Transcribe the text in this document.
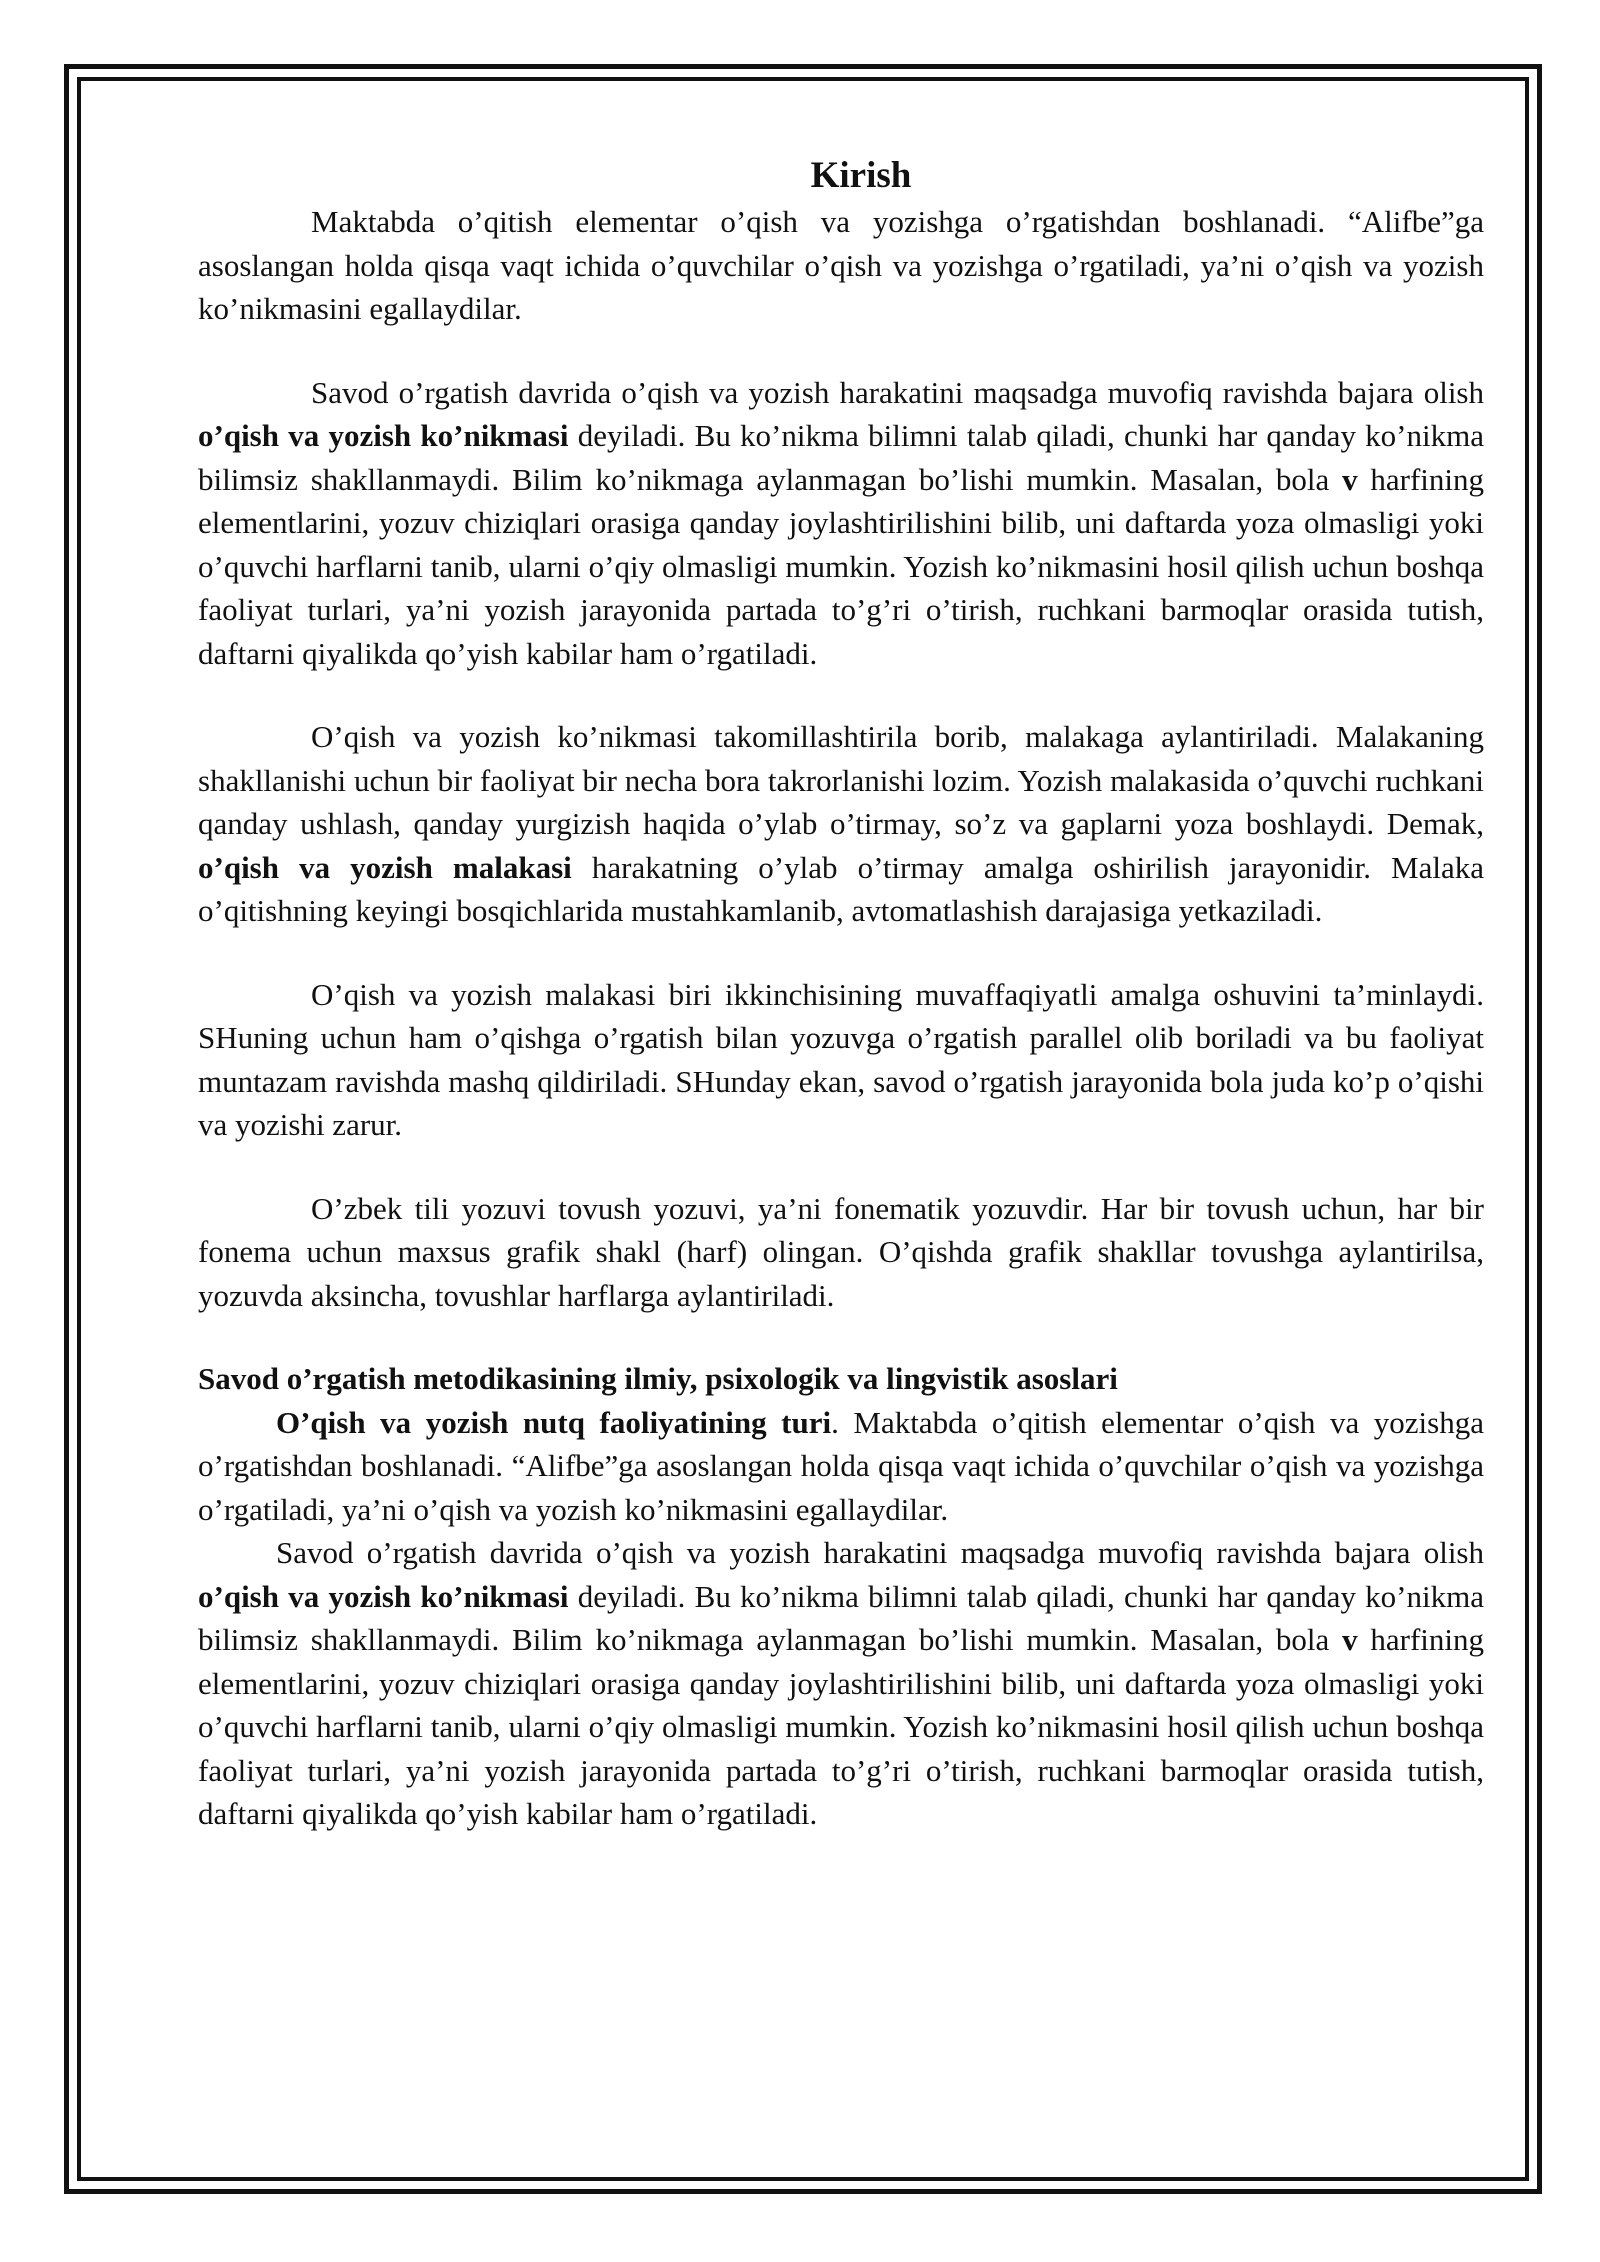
Kirish

Maktabda o’qitish elementar o’qish va yozishga o’rgatishdan boshlanadi. “Alifbe”ga asoslangan holda qisqa vaqt ichida o’quvchilar o’qish va yozishga o’rgatiladi, ya’ni o’qish va yozish ko’nikmasini egallaydilar.

Savod o’rgatish davrida o’qish va yozish harakatini maqsadga muvofiq ravishda bajara olish o’qish va yozish ko’nikmasi deyiladi. Bu ko’nikma bilimni talab qiladi, chunki har qanday ko’nikma bilimsiz shakllanmaydi. Bilim ko’nikmaga aylanmagan bo’lishi mumkin. Masalan, bola v harfining elementlarini, yozuv chiziqlari orasiga qanday joylashtirilishini bilib, uni daftarda yoza olmasligi yoki o’quvchi harflarni tanib, ularni o’qiy olmasligi mumkin. Yozish ko’nikmasini hosil qilish uchun boshqa faoliyat turlari, ya’ni yozish jarayonida partada to’g’ri o’tirish, ruchkani barmoqlar orasida tutish, daftarni qiyalikda qo’yish kabilar ham o’rgatiladi.

O’qish va yozish ko’nikmasi takomillashtirila borib, malakaga aylantiriladi. Malakaning shakllanishi uchun bir faoliyat bir necha bora takrorlanishi lozim. Yozish malakasida o’quvchi ruchkani qanday ushlash, qanday yurgizish haqida o’ylab o’tirmay, so’z va gaplarni yoza boshlaydi. Demak, o’qish va yozish malakasi harakatning o’ylab o’tirmay amalga oshirilish jarayonidir. Malaka o’qitishning keyingi bosqichlarida mustahkamlanib, avtomatlashish darajasiga yetkaziladi.

O’qish va yozish malakasi biri ikkinchisining muvaffaqiyatli amalga oshuvini ta’minlaydi. SHuning uchun ham o’qishga o’rgatish bilan yozuvga o’rgatish parallel olib boriladi va bu faoliyat muntazam ravishda mashq qildiriladi. SHunday ekan, savod o’rgatish jarayonida bola juda ko’p o’qishi va yozishi zarur.

O’zbek tili yozuvi tovush yozuvi, ya’ni fonematik yozuvdir. Har bir tovush uchun, har bir fonema uchun maxsus grafik shakl (harf) olingan. O’qishda grafik shakllar tovushga aylantirilsa, yozuvda aksincha, tovushlar harflarga aylantiriladi.

Savod o’rgatish metodikasining ilmiy, psixologik va lingvistik asoslari

O’qish va yozish nutq faoliyatining turi. Maktabda o’qitish elementar o’qish va yozishga o’rgatishdan boshlanadi. “Alifbe”ga asoslangan holda qisqa vaqt ichida o’quvchilar o’qish va yozishga o’rgatiladi, ya’ni o’qish va yozish ko’nikmasini egallaydilar.

Savod o’rgatish davrida o’qish va yozish harakatini maqsadga muvofiq ravishda bajara olish o’qish va yozish ko’nikmasi deyiladi. Bu ko’nikma bilimni talab qiladi, chunki har qanday ko’nikma bilimsiz shakllanmaydi. Bilim ko’nikmaga aylanmagan bo’lishi mumkin. Masalan, bola v harfining elementlarini, yozuv chiziqlari orasiga qanday joylashtirilishini bilib, uni daftarda yoza olmasligi yoki o’quvchi harflarni tanib, ularni o’qiy olmasligi mumkin. Yozish ko’nikmasini hosil qilish uchun boshqa faoliyat turlari, ya’ni yozish jarayonida partada to’g’ri o’tirish, ruchkani barmoqlar orasida tutish, daftarni qiyalikda qo’yish kabilar ham o’rgatiladi.
